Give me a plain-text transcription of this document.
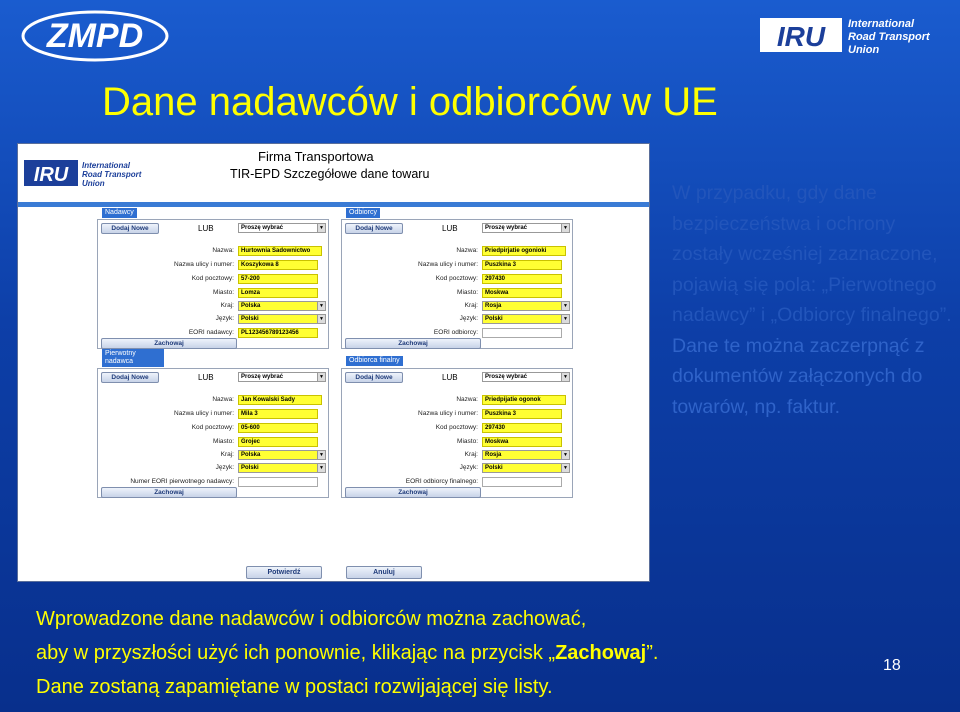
ZMPD	IRU International
Road Transport
Union
Dane nadawców i odbiorców w UE
IRU International
Road Transport
Union
Firma Transportowa
TIR-EPD Szczegółowe dane towaru
Nadawcy
Dodaj Nowe	LUB	Proszę wybrać	▼
Nazwa:	Hurtownia Sadownictwo
Nazwa ulicy i numer:	Koszykowa 8
Kod pocztowy:	57-200
Miasto:	Lomza
Kraj:	Polska	▼
Język:	Polski	▼
EORI nadawcy:	PL123456789123456
Zachowaj
Odbiorcy
Dodaj Nowe	LUB	Proszę wybrać	▼
Nazwa:	Priedpirjatie ogonioki
Nazwa ulicy i numer:	Puszkina 3
Kod pocztowy:	297430
Miasto:	Moskwa
Kraj:	Rosja	▼
Język:	Polski	▼
EORI odbiorcy:
Zachowaj
Pierwotny nadawca
Dodaj Nowe	LUB	Proszę wybrać	▼
Nazwa:	Jan Kowalski Sady
Nazwa ulicy i numer:	Mila 3
Kod pocztowy:	05-600
Miasto:	Grojec
Kraj:	Polska	▼
Język:	Polski	▼
Numer EORI pierwotnego nadawcy:
Zachowaj
Odbiorca finalny
Dodaj Nowe	LUB	Proszę wybrać	▼
Nazwa:	Priedpijatie ogonok
Nazwa ulicy i numer:	Puszkina 3
Kod pocztowy:	297430
Miasto:	Moskwa
Kraj:	Rosja	▼
Język:	Polski	▼
EORI odbiorcy finalnego:
Zachowaj
Potwierdź	Anuluj
W przypadku, gdy dane bezpieczeństwa i ochrony zostały wcześniej zaznaczone, pojawią się pola: „Pierwotnego nadawcy” i „Odbiorcy finalnego”.
Dane te można zaczerpnąć z dokumentów załączonych do towarów, np. faktur.
Wprowadzone dane nadawców i odbiorców można zachować,
aby w przyszłości użyć ich ponownie, klikając na przycisk „Zachowaj”.
Dane zostaną zapamiętane w postaci rozwijającej się listy.
18
